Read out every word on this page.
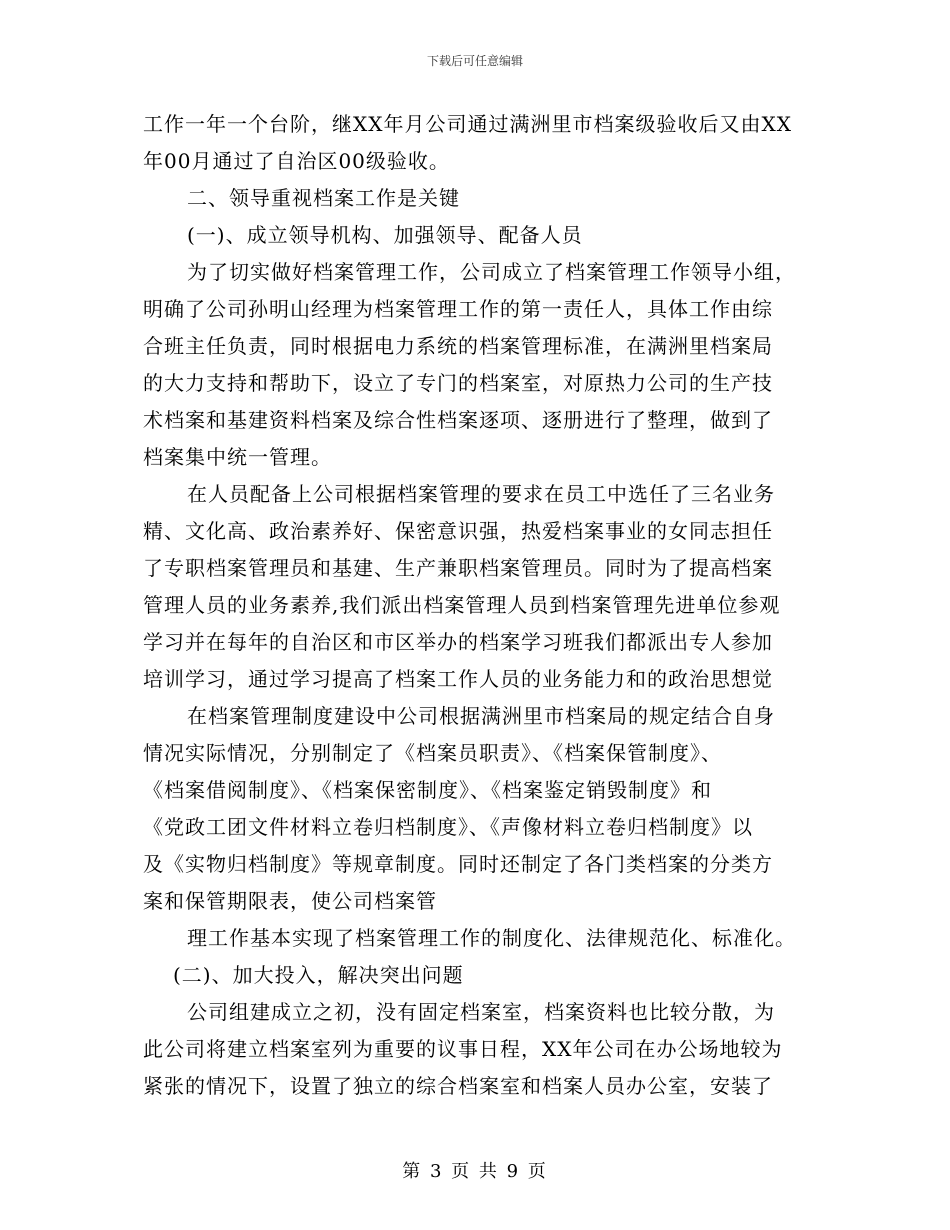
下载后可任意编辑
工作一年一个台阶，继XX年月公司通过满洲里市档案级验收后又由XX
年00月通过了自治区00级验收。
二、领导重视档案工作是关键
(一)、成立领导机构、加强领导、配备人员
为了切实做好档案管理工作，公司成立了档案管理工作领导小组，
明确了公司孙明山经理为档案管理工作的第一责任人，具体工作由综
合班主任负责，同时根据电力系统的档案管理标准，在满洲里档案局
的大力支持和帮助下，设立了专门的档案室，对原热力公司的生产技
术档案和基建资料档案及综合性档案逐项、逐册进行了整理，做到了
档案集中统一管理。
在人员配备上公司根据档案管理的要求在员工中选任了三名业务
精、文化高、政治素养好、保密意识强，热爱档案事业的女同志担任
了专职档案管理员和基建、生产兼职档案管理员。同时为了提高档案
管理人员的业务素养,我们派出档案管理人员到档案管理先进单位参观
学习并在每年的自治区和市区举办的档案学习班我们都派出专人参加
培训学习，通过学习提高了档案工作人员的业务能力和的政治思想觉
在档案管理制度建设中公司根据满洲里市档案局的规定结合自身
情况实际情况，分别制定了《档案员职责》、《档案保管制度》、
《档案借阅制度》、《档案保密制度》、《档案鉴定销毁制度》和
《党政工团文件材料立卷归档制度》、《声像材料立卷归档制度》以
及《实物归档制度》等规章制度。同时还制定了各门类档案的分类方
案和保管期限表，使公司档案管
理工作基本实现了档案管理工作的制度化、法律规范化、标准化。
(二)、加大投入，解决突出问题
公司组建成立之初，没有固定档案室，档案资料也比较分散，为
此公司将建立档案室列为重要的议事日程，XX年公司在办公场地较为
紧张的情况下，设置了独立的综合档案室和档案人员办公室，安装了
第 3 页 共 9 页
